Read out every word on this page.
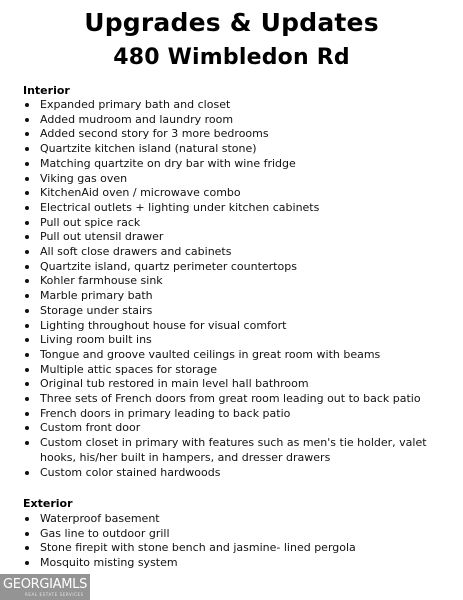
Upgrades & Updates
480 Wimbledon Rd
Interior
Expanded primary bath and closet
Added mudroom and laundry room
Added second story for 3 more bedrooms
Quartzite kitchen island (natural stone)
Matching quartzite on dry bar with wine fridge
Viking gas oven
KitchenAid oven / microwave combo
Electrical outlets + lighting under kitchen cabinets
Pull out spice rack
Pull out utensil drawer
All soft close drawers and cabinets
Quartzite island, quartz perimeter countertops
Kohler farmhouse sink
Marble primary bath
Storage under stairs
Lighting throughout house for visual comfort
Living room built ins
Tongue and groove vaulted ceilings in great room with beams
Multiple attic spaces for storage
Original tub restored in main level hall bathroom
Three sets of French doors from great room leading out to back patio
French doors in primary leading to back patio
Custom front door
Custom closet in primary with features such as men's tie holder, valet hooks, his/her built in hampers, and dresser drawers
Custom color stained hardwoods
Exterior
Waterproof basement
Gas line to outdoor grill
Stone firepit with stone bench and jasmine- lined pergola
Mosquito misting system
GEORGIAMLS
REAL ESTATE SERVICES
